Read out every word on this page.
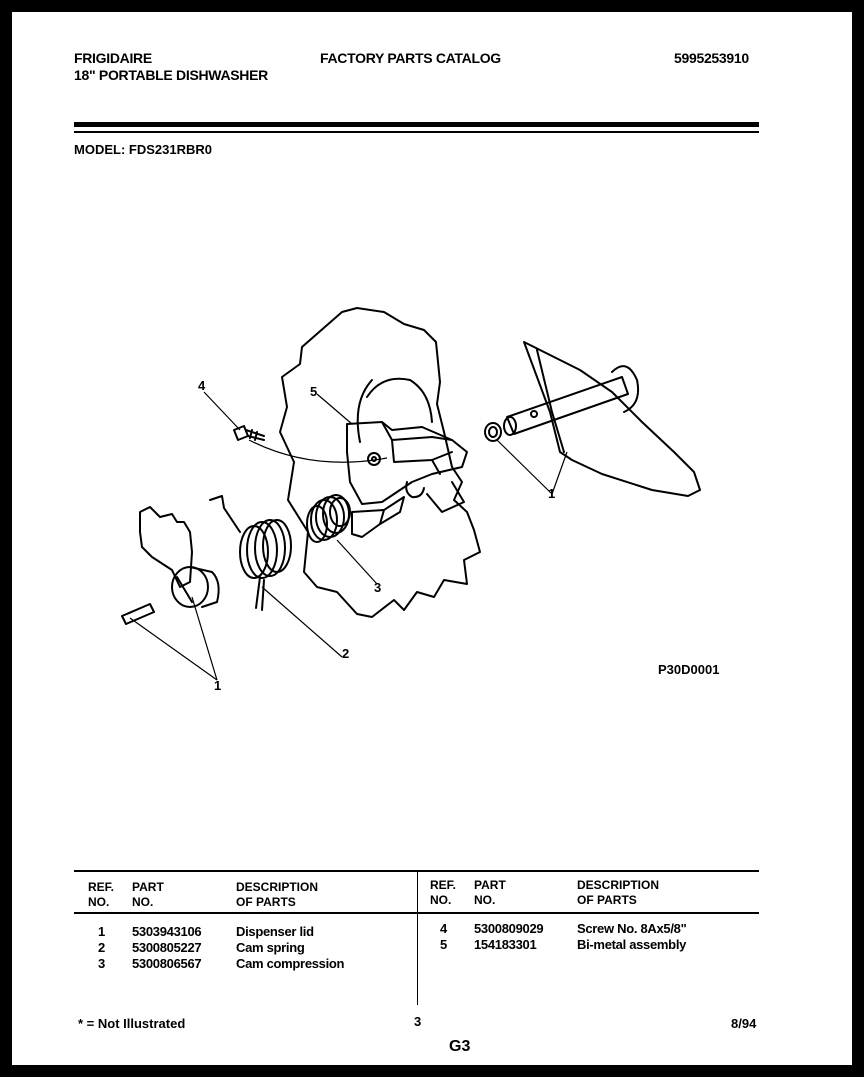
FRIGIDAIRE
18" PORTABLE DISHWASHER
FACTORY PARTS CATALOG	5995253910
MODEL: FDS231RBR0
4	5
1
3
2
1
P30D0001
REF.
NO.
PART
NO.
DESCRIPTION
OF PARTS
REF.
NO.
PART
NO.
DESCRIPTION
OF PARTS
1 5303943106	Dispenser lid
2 5300805227	Cam spring
3 5300806567	Cam compression
4 5300809029	Screw No. 8Ax5/8"
5 154183301	Bi-metal assembly
* = Not Illustrated	3	8/94
G3
